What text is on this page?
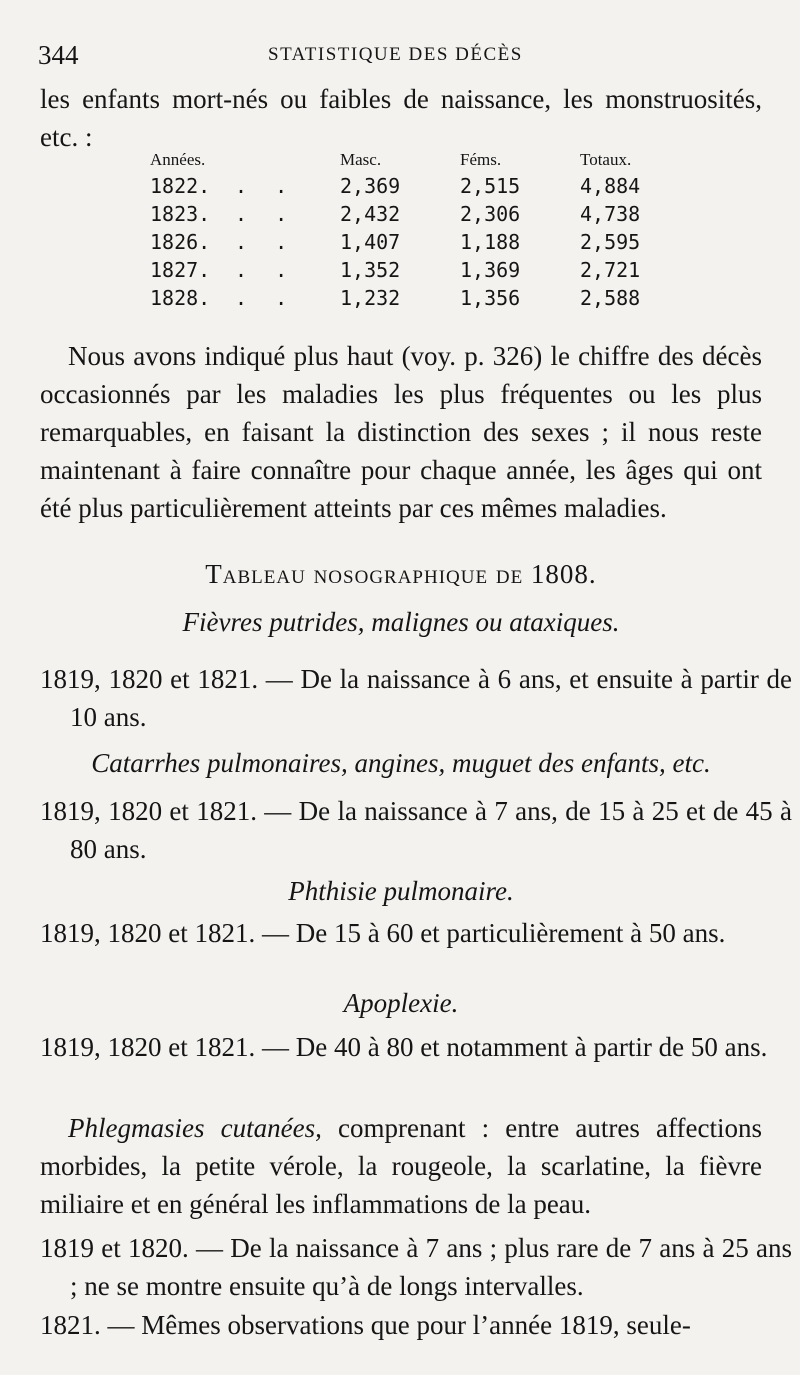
344	STATISTIQUE DES DÉCÈS
les enfants mort-nés ou faibles de naissance, les monstruosités, etc. :
Années.	Masc.	Féms.	Totaux.
1822. . . 2,369	2,515	4,884
1823. . . 2,432	2,306	4,738
1826. . . 1,407	1,188	2,595
1827. . . 1,352	1,369	2,721
1828. . . 1,232	1,356	2,588
Nous avons indiqué plus haut (voy. p. 326) le chiffre des décès occasionnés par les maladies les plus fréquentes ou les plus remarquables, en faisant la distinction des sexes ; il nous reste maintenant à faire connaître pour chaque année, les âges qui ont été plus particulièrement atteints par ces mêmes maladies.
Tableau nosographique de 1808.
Fièvres putrides, malignes ou ataxiques.
1819, 1820 et 1821. — De la naissance à 6 ans, et ensuite à partir de 10 ans.
Catarrhes pulmonaires, angines, muguet des enfants, etc.
1819, 1820 et 1821. — De la naissance à 7 ans, de 15 à 25 et de 45 à 80 ans.
Phthisie pulmonaire.
1819, 1820 et 1821. — De 15 à 60 et particulièrement à 50 ans.
Apoplexie.
1819, 1820 et 1821. — De 40 à 80 et notamment à partir de 50 ans.
Phlegmasies cutanées, comprenant : entre autres affections morbides, la petite vérole, la rougeole, la scarlatine, la fièvre miliaire et en général les inflammations de la peau.
1819 et 1820. — De la naissance à 7 ans ; plus rare de 7 ans à 25 ans ; ne se montre ensuite qu’à de longs intervalles.
1821. — Mêmes observations que pour l’année 1819, seule-
